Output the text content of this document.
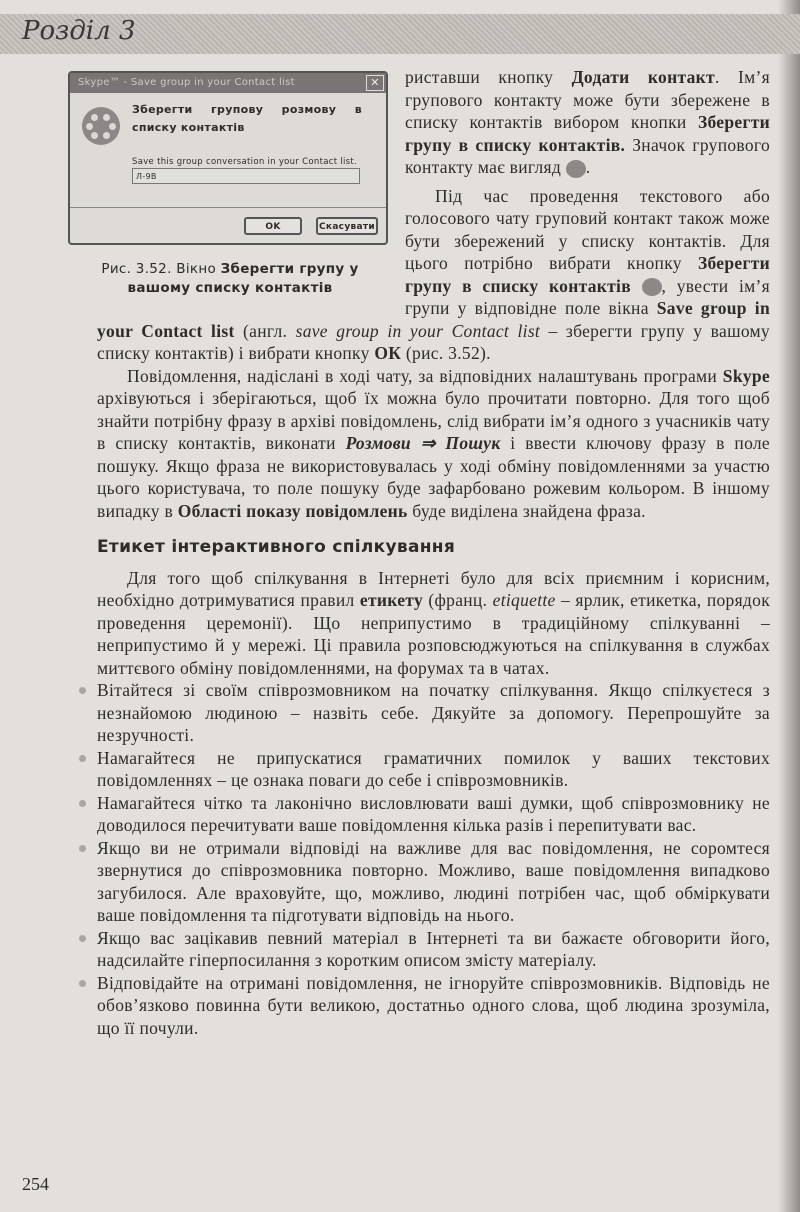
Розділ 3
Skype™ - Save group in your Contact list	✕
Зберегти групову розмову в списку контактів
Save this group conversation in your Contact list.
Л-9В
OK	Скасувати
Рис. 3.52. Вікно Зберегти групу у вашому списку контактів

риставши кнопку Додати контакт. Ім’я групового контакту може бути збережене в списку контактів вибором кнопки Зберегти групу в списку контактів. Значок групового контакту має вигляд .

Під час проведення текстового або голосового чату груповий контакт також може бути збережений у списку контактів. Для цього потрібно вибрати кнопку Зберегти групу в списку контактів , увести ім’я групи у відповідне поле вікна Save group in your Contact list (англ. save group in your Contact list – зберегти групу у вашому списку контактів) і вибрати кнопку ОК (рис. 3.52).

Повідомлення, надіслані в ході чату, за відповідних налаштувань програми Skype архівуються і зберігаються, щоб їх можна було прочитати повторно. Для того щоб знайти потрібну фразу в архіві повідомлень, слід вибрати ім’я одного з учасників чату в списку контактів, виконати Розмови ⇒ Пошук і ввести ключову фразу в поле пошуку. Якщо фраза не використовувалась у ході обміну повідомленнями за участю цього користувача, то поле пошуку буде зафарбовано рожевим кольором. В іншому випадку в Області показу повідомлень буде виділена знайдена фраза.

Етикет інтерактивного спілкування

Для того щоб спілкування в Інтернеті було для всіх приємним і корисним, необхідно дотримуватися правил етикету (франц. etiquette – ярлик, етикетка, порядок проведення церемонії). Що неприпустимо в традиційному спілкуванні – неприпустимо й у мережі. Ці правила розповсюджуються на спілкування в службах миттєвого обміну повідомленнями, на форумах та в чатах.

Вітайтеся зі своїм співрозмовником на початку спілкування. Якщо спілкуєтеся з незнайомою людиною – назвіть себе. Дякуйте за допомогу. Перепрошуйте за незручності.

Намагайтеся не припускатися граматичних помилок у ваших текстових повідомленнях – це ознака поваги до себе і співрозмовників.

Намагайтеся чітко та лаконічно висловлювати ваші думки, щоб співрозмовнику не доводилося перечитувати ваше повідомлення кілька разів і перепитувати вас.

Якщо ви не отримали відповіді на важливе для вас повідомлення, не соромтеся звернутися до співрозмовника повторно. Можливо, ваше повідомлення випадково загубилося. Але враховуйте, що, можливо, людині потрібен час, щоб обміркувати ваше повідомлення та підготувати відповідь на нього.

Якщо вас зацікавив певний матеріал в Інтернеті та ви бажаєте обговорити його, надсилайте гіперпосилання з коротким описом змісту матеріалу.

Відповідайте на отримані повідомлення, не ігноруйте співрозмовників. Відповідь не обов’язково повинна бути великою, достатньо одного слова, щоб людина зрозуміла, що її почули.

254
